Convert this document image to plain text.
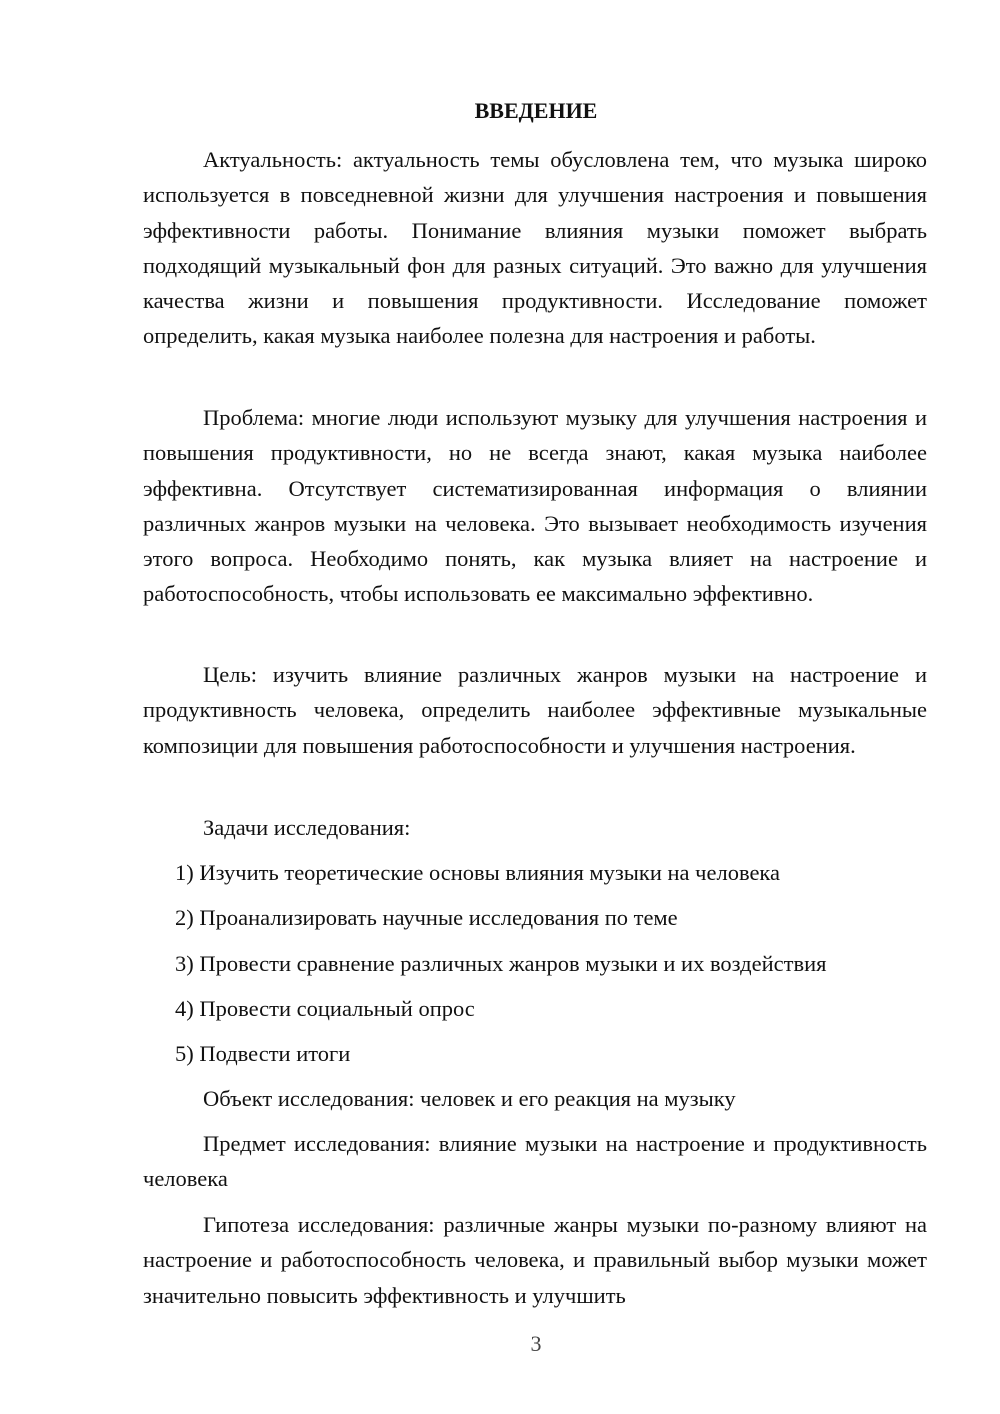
ВВЕДЕНИЕ

Актуальность: актуальность темы обусловлена тем, что музыка широко используется в повседневной жизни для улучшения настроения и повышения эффективности работы. Понимание влияния музыки поможет выбрать подходящий музыкальный фон для разных ситуаций. Это важно для улучшения качества жизни и повышения продуктивности. Исследование поможет определить, какая музыка наиболее полезна для настроения и работы.

Проблема: многие люди используют музыку для улучшения настроения и повышения продуктивности, но не всегда знают, какая музыка наиболее эффективна. Отсутствует систематизированная информация о влиянии различных жанров музыки на человека. Это вызывает необходимость изучения этого вопроса. Необходимо понять, как музыка влияет на настроение и работоспособность, чтобы использовать ее максимально эффективно.

Цель: изучить влияние различных жанров музыки на настроение и продуктивность человека, определить наиболее эффективные музыкальные композиции для повышения работоспособности и улучшения настроения.

Задачи исследования:

1) Изучить теоретические основы влияния музыки на человека

2) Проанализировать научные исследования по теме

3) Провести сравнение различных жанров музыки и их воздействия

4) Провести социальный опрос

5) Подвести итоги

Объект исследования: человек и его реакция на музыку

Предмет исследования: влияние музыки на настроение и продуктивность человека

Гипотеза исследования: различные жанры музыки по-разному влияют на настроение и работоспособность человека, и правильный выбор музыки может значительно повысить эффективность и улучшить

3
